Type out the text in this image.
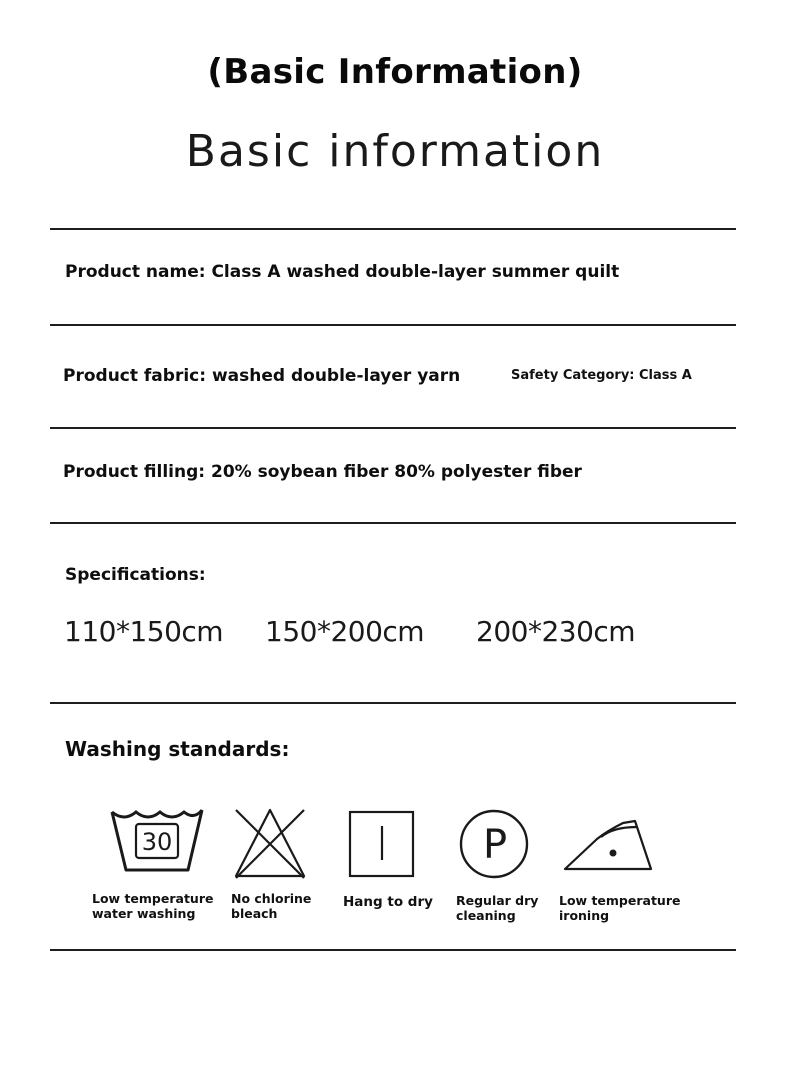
(Basic Information)
Basic information
Product name: Class A washed double-layer summer quilt
Product fabric: washed double-layer yarn	Safety Category: Class A
Product filling: 20% soybean fiber 80% polyester fiber
Specifications:
110*150cm 150*200cm 200*230cm
Washing standards:
30	P
Low temperature
water washing
No chlorine
bleach
Hang to dry Regular dry
cleaning
Low temperature
ironing
